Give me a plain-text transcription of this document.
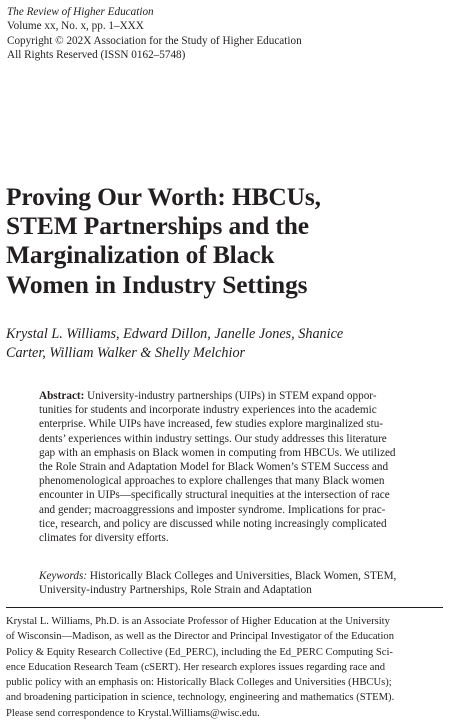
The Review of Higher Education
Volume xx, No. x, pp. 1–XXX
Copyright © 202X Association for the Study of Higher Education
All Rights Reserved (ISSN 0162–5748)
Proving Our Worth: HBCUs,
STEM Partnerships and the
Marginalization of Black
Women in Industry Settings
Krystal L. Williams, Edward Dillon, Janelle Jones, Shanice
Carter, William Walker & Shelly Melchior
Abstract: University-industry partnerships (UIPs) in STEM expand oppor-
tunities for students and incorporate industry experiences into the academic
enterprise. While UIPs have increased, few studies explore marginalized stu-
dents’ experiences within industry settings. Our study addresses this literature
gap with an emphasis on Black women in computing from HBCUs. We utilized
the Role Strain and Adaptation Model for Black Women’s STEM Success and
phenomenological approaches to explore challenges that many Black women
encounter in UIPs—specifically structural inequities at the intersection of race
and gender; macroaggressions and imposter syndrome. Implications for prac-
tice, research, and policy are discussed while noting increasingly complicated
climates for diversity efforts.
Keywords: Historically Black Colleges and Universities, Black Women, STEM,
University-industry Partnerships, Role Strain and Adaptation
Krystal L. Williams, Ph.D. is an Associate Professor of Higher Education at the University
of Wisconsin—Madison, as well as the Director and Principal Investigator of the Education
Policy & Equity Research Collective (Ed_PERC), including the Ed_PERC Computing Sci-
ence Education Research Team (cSERT). Her research explores issues regarding race and
public policy with an emphasis on: Historically Black Colleges and Universities (HBCUs);
and broadening participation in science, technology, engineering and mathematics (STEM).
Please send correspondence to Krystal.Williams@wisc.edu.
